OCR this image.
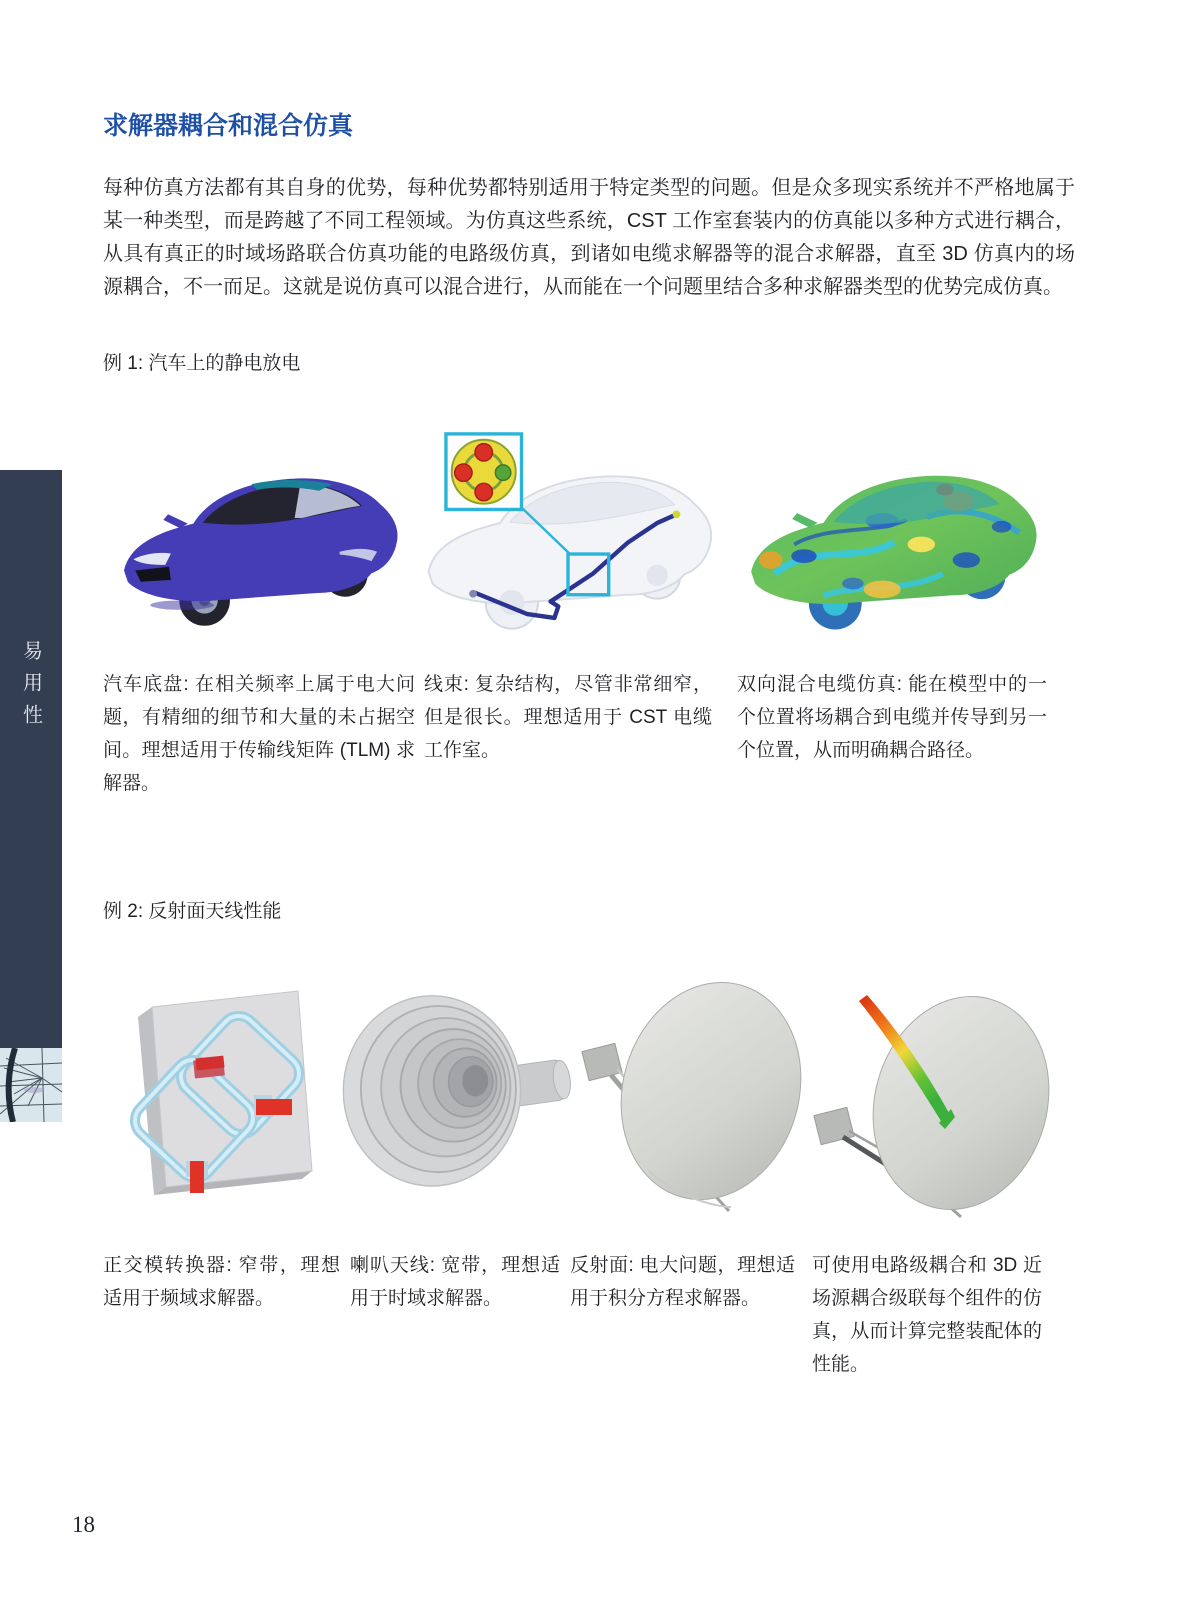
易用性
求解器耦合和混合仿真

每种仿真方法都有其自身的优势，每种优势都特别适用于特定类型的问题。但是众多现实系统并不严格地属于某一种类型，而是跨越了不同工程领域。为仿真这些系统，CST 工作室套装内的仿真能以多种方式进行耦合，从具有真正的时域场路联合仿真功能的电路级仿真，到诸如电缆求解器等的混合求解器，直至 3D 仿真内的场源耦合，不一而足。这就是说仿真可以混合进行，从而能在一个问题里结合多种求解器类型的优势完成仿真。

例 1: 汽车上的静电放电

汽车底盘: 在相关频率上属于电大问题，有精细的细节和大量的未占据空间。理想适用于传输线矩阵 (TLM) 求解器。
线束: 复杂结构，尽管非常细窄，但是很长。理想适用于 CST 电缆工作室。
双向混合电缆仿真: 能在模型中的一个位置将场耦合到电缆并传导到另一个位置，从而明确耦合路径。

例 2: 反射面天线性能

正交模转换器: 窄带，理想适用于频域求解器。
喇叭天线: 宽带，理想适用于时域求解器。
反射面: 电大问题，理想适用于积分方程求解器。
可使用电路级耦合和 3D 近场源耦合级联每个组件的仿真，从而计算完整装配体的性能。
18
